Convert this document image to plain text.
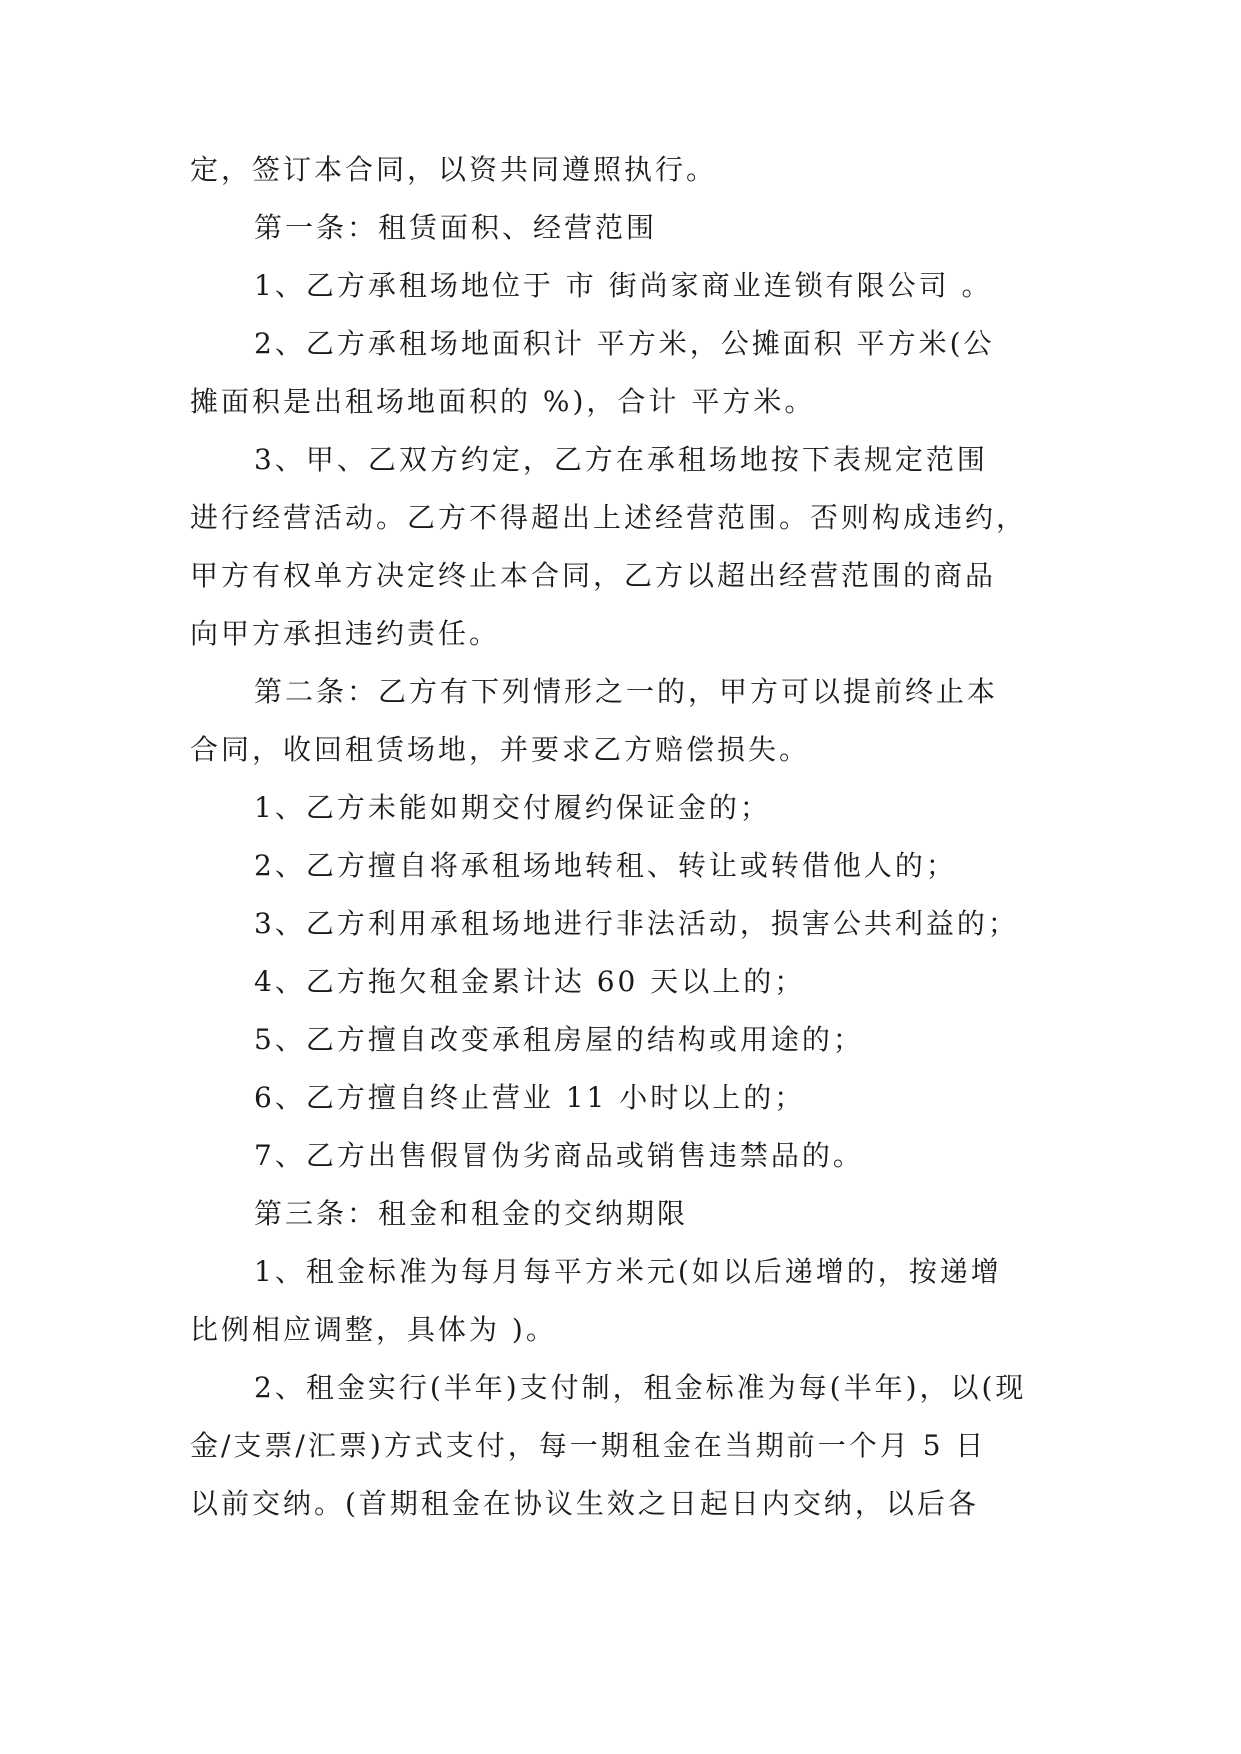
定，签订本合同，以资共同遵照执行。
第一条：租赁面积、经营范围
1、乙方承租场地位于 市 街尚家商业连锁有限公司 。
2、乙方承租场地面积计 平方米，公摊面积 平方米(公
摊面积是出租场地面积的 %)，合计 平方米。
3、甲、乙双方约定，乙方在承租场地按下表规定范围
进行经营活动。乙方不得超出上述经营范围。否则构成违约，
甲方有权单方决定终止本合同，乙方以超出经营范围的商品
向甲方承担违约责任。
第二条：乙方有下列情形之一的，甲方可以提前终止本
合同，收回租赁场地，并要求乙方赔偿损失。
1、乙方未能如期交付履约保证金的；
2、乙方擅自将承租场地转租、转让或转借他人的；
3、乙方利用承租场地进行非法活动，损害公共利益的；
4、乙方拖欠租金累计达 60 天以上的；
5、乙方擅自改变承租房屋的结构或用途的；
6、乙方擅自终止营业 11 小时以上的；
7、乙方出售假冒伪劣商品或销售违禁品的。
第三条：租金和租金的交纳期限
1、租金标准为每月每平方米元(如以后递增的，按递增
比例相应调整，具体为 )。
2、租金实行(半年)支付制，租金标准为每(半年)，以(现
金/支票/汇票)方式支付，每一期租金在当期前一个月 5 日
以前交纳。(首期租金在协议生效之日起日内交纳，以后各
